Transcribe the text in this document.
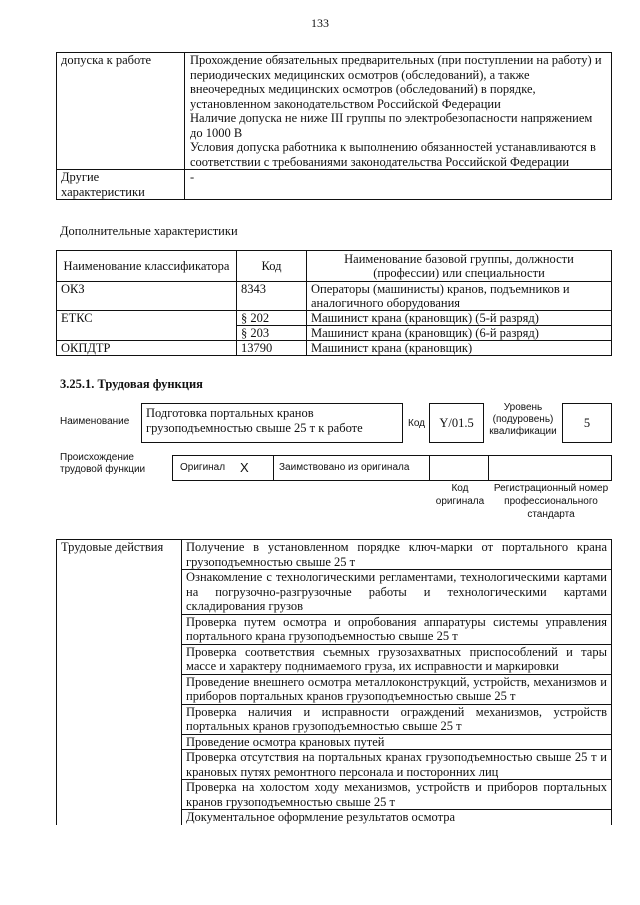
133
допуска к работе	Прохождение обязательных предварительных (при поступлении на работу) и периодических медицинских осмотров (обследований), а также внеочередных медицинских осмотров (обследований) в порядке, установленном законодательством Российской Федерации
Наличие допуска не ниже III группы по электробезопасности напряжением до 1000 В
Условия допуска работника к выполнению обязанностей устанавливаются в соответствии с требованиями законодательства Российской Федерации

Другие характеристики	-
Дополнительные характеристики
Наименование классификатора	Код	Наименование базовой группы, должности (профессии) или специальности
ОКЗ	8343	Операторы (машинисты) кранов, подъемников и аналогичного оборудования
ЕТКС	§ 202	Машинист крана (крановщик) (5-й разряд)
	§ 203	Машинист крана (крановщик) (6-й разряд)
ОКПДТР	13790	Машинист крана (крановщик)
3.25.1. Трудовая функция
Наименование
Подготовка портальных кранов грузоподъемностью свыше 25 т к работе	Код	Y/01.5
Уровень (подуровень) квалификации
5
Происхождение трудовой функции	Оригинал X	Заимствовано из оригинала
Код оригинала
Регистрационный номер профессионального стандарта
Трудовые действия	Получение в установленном порядке ключ-марки от портального крана грузоподъемностью свыше 25 т
Ознакомление с технологическими регламентами, технологическими картами на погрузочно-разгрузочные работы и технологическими картами складирования грузов
Проверка путем осмотра и опробования аппаратуры системы управления портального крана грузоподъемностью свыше 25 т
Проверка соответствия съемных грузозахватных приспособлений и тары массе и характеру поднимаемого груза, их исправности и маркировки
Проведение внешнего осмотра металлоконструкций, устройств, механизмов и приборов портальных кранов грузоподъемностью свыше 25 т
Проверка наличия и исправности ограждений механизмов, устройств портальных кранов грузоподъемностью свыше 25 т
Проведение осмотра крановых путей
Проверка отсутствия на портальных кранах грузоподъемностью свыше 25 т и крановых путях ремонтного персонала и посторонних лиц
Проверка на холостом ходу механизмов, устройств и приборов портальных кранов грузоподъемностью свыше 25 т
Документальное оформление результатов осмотра
